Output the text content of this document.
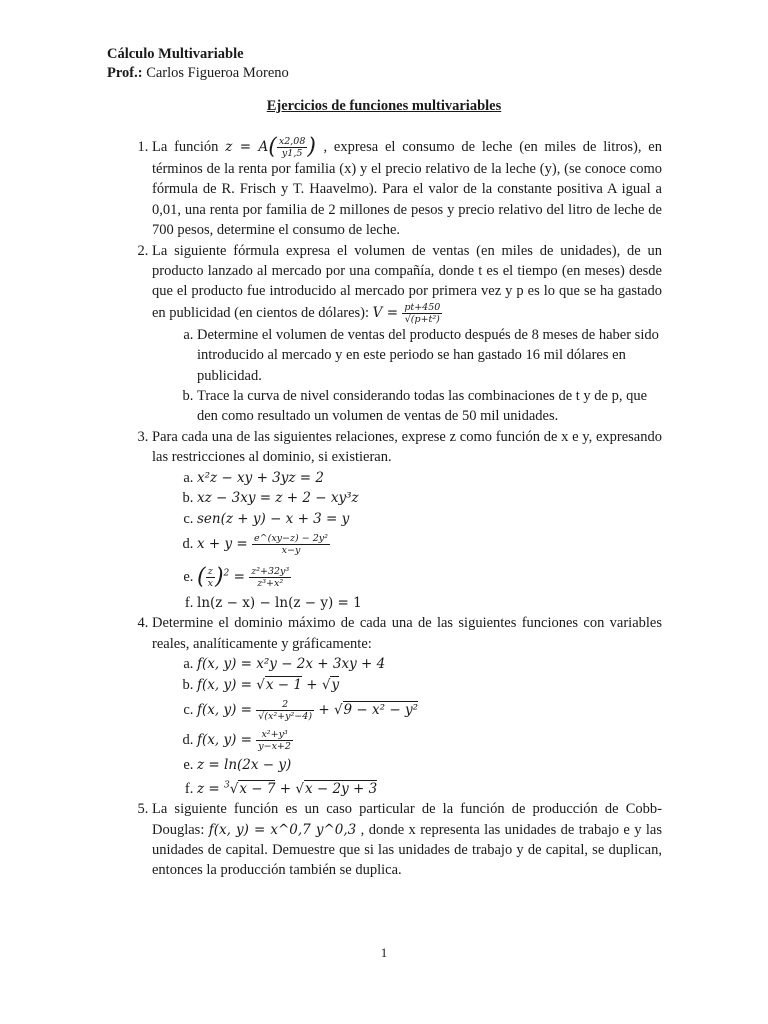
Cálculo Multivariable
Prof.: Carlos Figueroa Moreno
Ejercicios de funciones multivariables
1. La función $z = A( \frac{x2,08}{y1,5}$ ) , expresa el consumo de leche (en miles de litros), en términos de la renta por familia (x) y el precio relativo de la leche (y), (se conoce como fórmula de R. Frisch y T. Haavelmo). Para el valor de la constante positiva A igual a 0,01, una renta por familia de 2 millones de pesos y precio relativo del litro de leche de 700 pesos, determine el consumo de leche.
2. La siguiente fórmula expresa el volumen de ventas (en miles de unidades), de un producto lanzado al mercado por una compañía, donde t es el tiempo (en meses) desde que el producto fue introducido al mercado por primera vez y p es lo que se ha gastado en publicidad (en cientos de dólares): $V = \frac{pt+450}{\text{√(p+t²)}}$
a. Determine el volumen de ventas del producto después de 8 meses de haber sido introducido al mercado y en este periodo se han gastado 16 mil dólares en publicidad.
b. Trace la curva de nivel considerando todas las combinaciones de t y de p, que den como resultado un volumen de ventas de 50 mil unidades.
3. Para cada una de las siguientes relaciones, exprese z como función de x e y, expresando las restricciones al dominio, si existieran.
a. x²z − xy + 3yz = 2
b. xz − 3xy = z + 2 − xy³z
c. sen(z + y) − x + 3 = y
d. $x + y = \frac{\text{e\textasciicircum{}(xy−z) − 2y²}}{x-y}$
e. ( $\frac{z}{x} )^2 = \frac{\text{z²+32y³}}{\text{z³+x²}}$
f. ln(z − x) − ln(z − y) = 1
4. Determine el dominio máximo de cada una de las siguientes funciones con variables reales, analíticamente y gráficamente:
a. f(x, y) = x²y − 2x + 3xy + 4
b. f(x, y) = √x − 1 + √y
c. f(x, $y) = \frac{2}{\text{√(x²+y²−4)}} + √9 - x^2 - y^2$
d. f(x, $y) = \frac{\text{x²+y³}}{y-x+2}$
e. z = ln(2x − y)
f. z = $^3$√x − 7 + √x − 2y + 3
5. La siguiente función es un caso particular de la función de producción de Cobb-Douglas: f(x, y) = x^0,7 y^0,3 , donde x representa las unidades de trabajo e y las unidades de capital. Demuestre que si las unidades de trabajo y de capital, se duplican, entonces la producción también se duplica.
1
